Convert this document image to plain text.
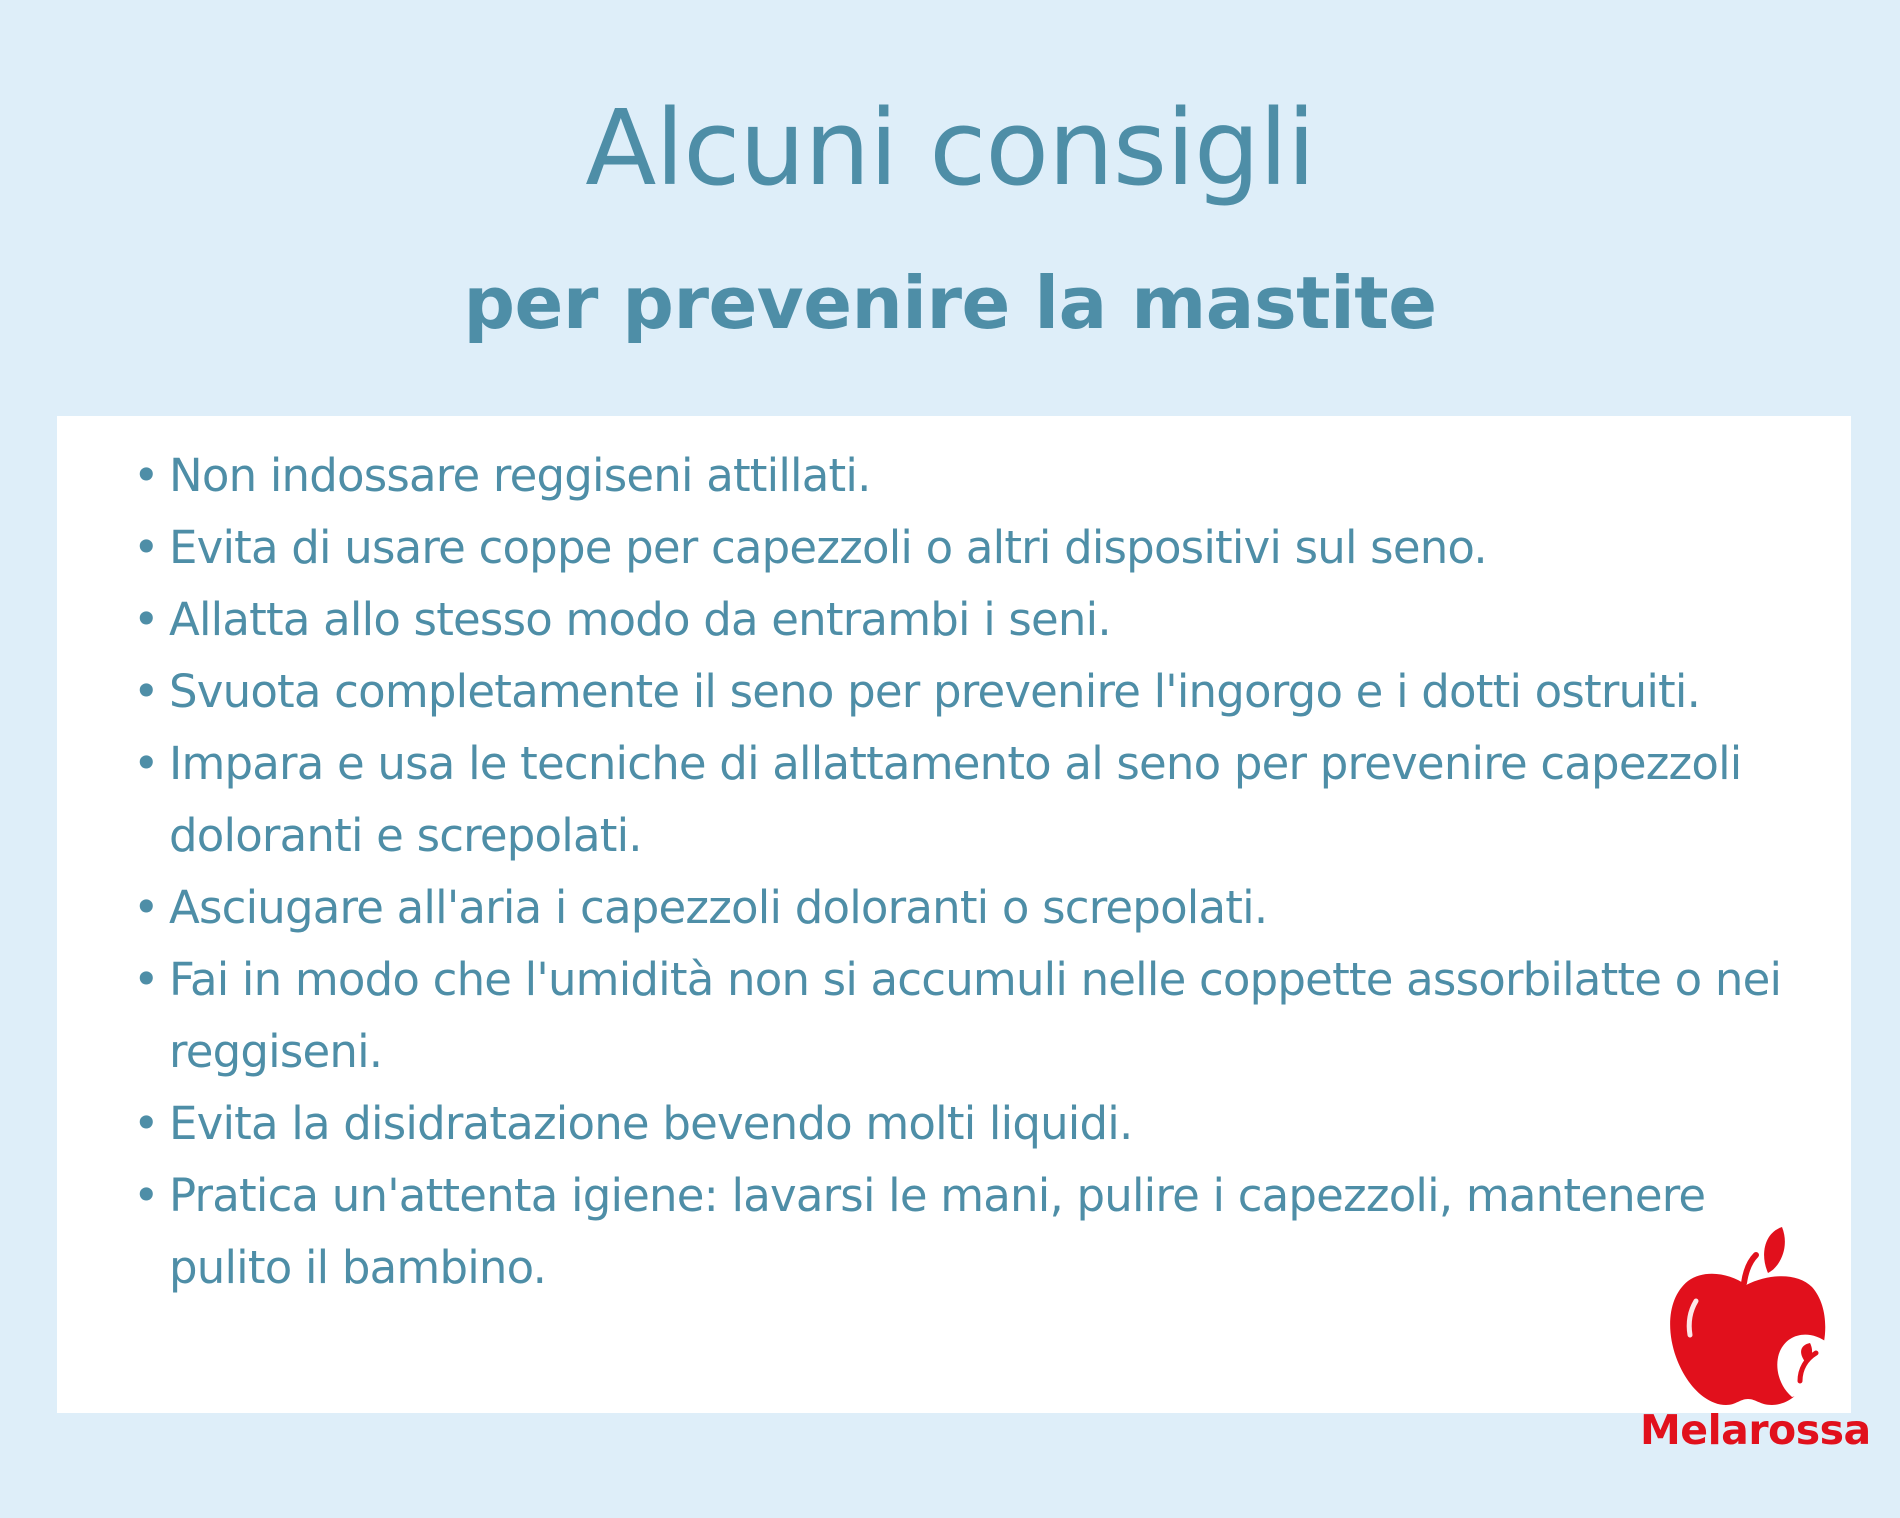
Alcuni consigli
per prevenire la mastite
• Non indossare reggiseni attillati.
• Evita di usare coppe per capezzoli o altri dispositivi sul seno.
• Allatta allo stesso modo da entrambi i seni.
• Svuota completamente il seno per prevenire l'ingorgo e i dotti ostruiti.
• Impara e usa le tecniche di allattamento al seno per prevenire capezzoli doloranti e screpolati.
• Asciugare all'aria i capezzoli doloranti o screpolati.
• Fai in modo che l'umidità non si accumuli nelle coppette assorbilatte o nei reggiseni.
• Evita la disidratazione bevendo molti liquidi.
• Pratica un'attenta igiene: lavarsi le mani, pulire i capezzoli, mantenere pulito il bambino.
Melarossa
